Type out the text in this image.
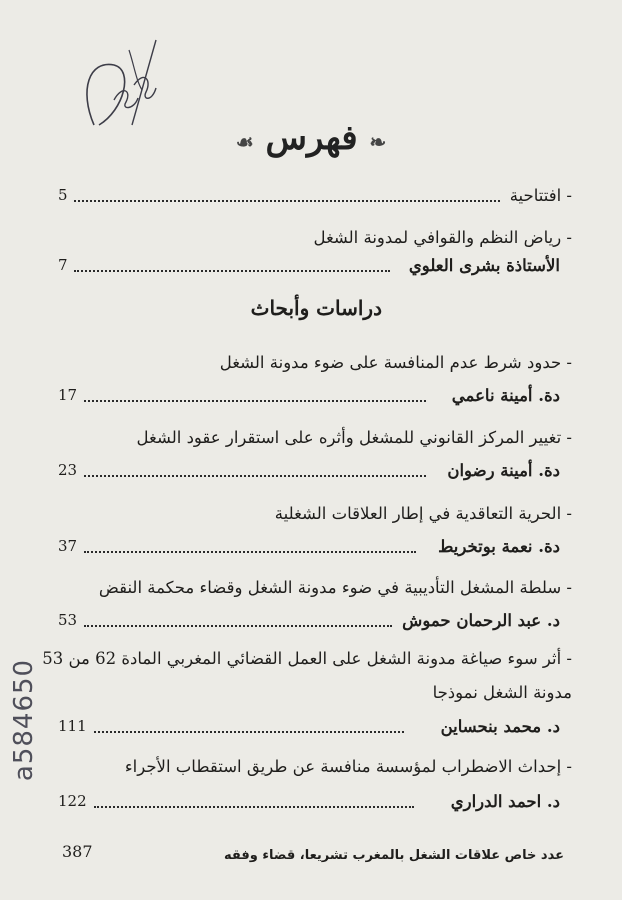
a584650
❧ فهرس ☙
- افتتاحية
5
- رياض النظم والقوافي لمدونة الشغل
الأستاذة بشرى العلوي
7
دراسات وأبحاث
- حدود شرط عدم المنافسة على ضوء مدونة الشغل
دة. أمينة ناعمي
17
- تغيير المركز القانوني للمشغل وأثره على استقرار عقود الشغل
دة. أمينة رضوان
23
- الحرية التعاقدية في إطار العلاقات الشغلية
دة. نعمة بوتخريط
37
- سلطة المشغل التأديبية في ضوء مدونة الشغل وقضاء محكمة النقض
د. عبد الرحمان حموش
53
- أثر سوء صياغة مدونة الشغل على العمل القضائي المغربي المادة 62 من 53
مدونة الشغل نموذجا
د. محمد بنحساين
111
- إحداث الاضطراب لمؤسسة منافسة عن طريق استقطاب الأجراء
د. احمد الدراري
122
387	عدد خاص علاقات الشغل بالمغرب تشريعا، قضاء وفقه
